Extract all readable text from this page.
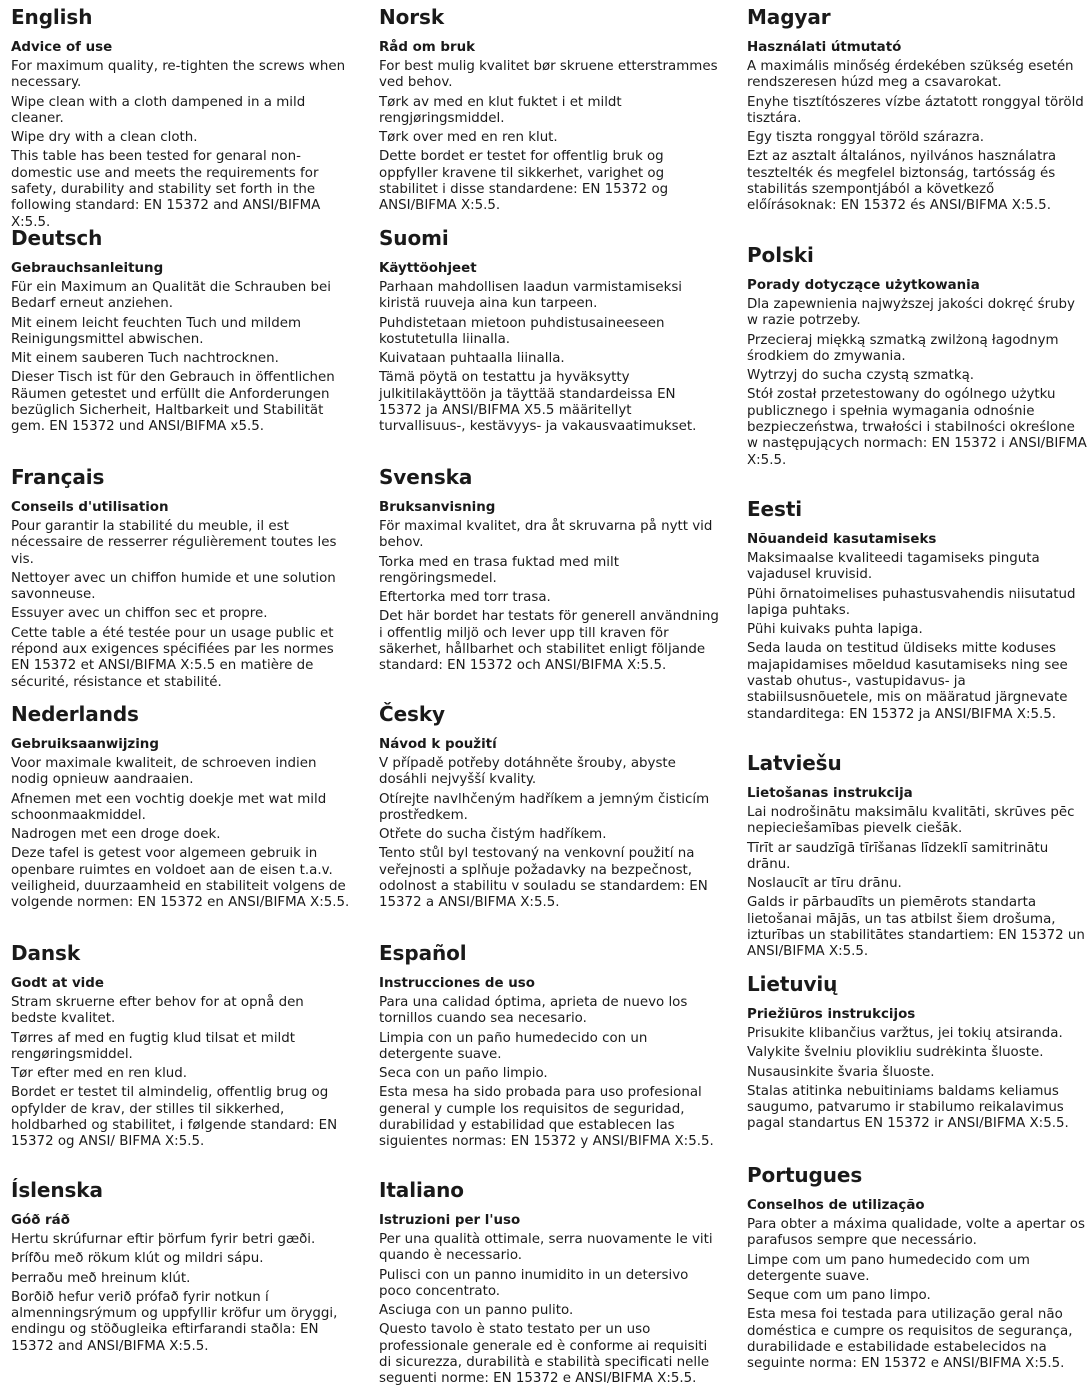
English
Advice of use

For maximum quality, re-tighten the screws when necessary.

Wipe clean with a cloth dampened in a mild cleaner.

Wipe dry with a clean cloth.

This table has been tested for genaral non-domestic use and meets the requirements for safety, durability and stability set forth in the following standard: EN 15372 and ANSI/BIFMA X:5.5.

Deutsch
Gebrauchsanleitung

Für ein Maximum an Qualität die Schrauben bei Bedarf erneut anziehen.

Mit einem leicht feuchten Tuch und mildem Reinigungsmittel abwischen.

Mit einem sauberen Tuch nachtrocknen.

Dieser Tisch ist für den Gebrauch in öffentlichen Räumen getestet und erfüllt die Anforderungen bezüglich Sicherheit, Haltbarkeit und Stabilität gem. EN 15372 und ANSI/BIFMA x5.5.

Français
Conseils d'utilisation

Pour garantir la stabilité du meuble, il est nécessaire de resserrer régulièrement toutes les vis.

Nettoyer avec un chiffon humide et une solution savonneuse.

Essuyer avec un chiffon sec et propre.

Cette table a été testée pour un usage public et répond aux exigences spécifiées par les normes EN 15372 et ANSI/BIFMA X:5.5 en matière de sécurité, résistance et stabilité.

Nederlands
Gebruiksaanwijzing

Voor maximale kwaliteit, de schroeven indien nodig opnieuw aandraaien.

Afnemen met een vochtig doekje met wat mild schoonmaakmiddel.

Nadrogen met een droge doek.

Deze tafel is getest voor algemeen gebruik in openbare ruimtes en voldoet aan de eisen t.a.v. veiligheid, duurzaamheid en stabiliteit volgens de volgende normen: EN 15372 en ANSI/BIFMA X:5.5.

Dansk
Godt at vide

Stram skruerne efter behov for at opnå den bedste kvalitet.

Tørres af med en fugtig klud tilsat et mildt rengøringsmiddel.

Tør efter med en ren klud.

Bordet er testet til almindelig, offentlig brug og opfylder de krav, der stilles til sikkerhed, holdbarhed og stabilitet, i følgende standard: EN 15372 og ANSI/ BIFMA X:5.5.

Íslenska
Góð ráð

Hertu skrúfurnar eftir þörfum fyrir betri gæði.

Þrífðu með rökum klút og mildri sápu.

Þerraðu með hreinum klút.

Borðið hefur verið prófað fyrir notkun í almenningsrýmum og uppfyllir kröfur um öryggi, endingu og stöðugleika eftirfarandi staðla: EN 15372 and ANSI/BIFMA X:5.5.

Norsk
Råd om bruk

For best mulig kvalitet bør skruene etterstrammes ved behov.

Tørk av med en klut fuktet i et mildt rengjøringsmiddel.

Tørk over med en ren klut.

Dette bordet er testet for offentlig bruk og oppfyller kravene til sikkerhet, varighet og stabilitet i disse standardene: EN 15372 og ANSI/BIFMA X:5.5.

Suomi
Käyttöohjeet

Parhaan mahdollisen laadun varmistamiseksi kiristä ruuveja aina kun tarpeen.

Puhdistetaan mietoon puhdistusaineeseen kostutetulla liinalla.

Kuivataan puhtaalla liinalla.

Tämä pöytä on testattu ja hyväksytty julkitilakäyttöön ja täyttää standardeissa EN 15372 ja ANSI/BIFMA X5.5 määritellyt turvallisuus-, kestävyys- ja vakausvaatimukset.

Svenska
Bruksanvisning

För maximal kvalitet, dra åt skruvarna på nytt vid behov.

Torka med en trasa fuktad med milt rengöringsmedel.

Eftertorka med torr trasa.

Det här bordet har testats för generell användning i offentlig miljö och lever upp till kraven för säkerhet, hållbarhet och stabilitet enligt följande standard: EN 15372 och ANSI/BIFMA X:5.5.

Česky
Návod k použití

V případě potřeby dotáhněte šrouby, abyste dosáhli nejvyšší kvality.

Otírejte navlhčeným hadříkem a jemným čisticím prostředkem.

Otřete do sucha čistým hadříkem.

Tento stůl byl testovaný na venkovní použití na veřejnosti a splňuje požadavky na bezpečnost, odolnost a stabilitu v souladu se standardem: EN 15372 a ANSI/BIFMA X:5.5.

Español
Instrucciones de uso

Para una calidad óptima, aprieta de nuevo los tornillos cuando sea necesario.

Limpia con un paño humedecido con un detergente suave.

Seca con un paño limpio.

Esta mesa ha sido probada para uso profesional general y cumple los requisitos de seguridad, durabilidad y estabilidad que establecen las siguientes normas: EN 15372 y ANSI/BIFMA X:5.5.

Italiano
Istruzioni per l'uso

Per una qualità ottimale, serra nuovamente le viti quando è necessario.

Pulisci con un panno inumidito in un detersivo poco concentrato.

Asciuga con un panno pulito.

Questo tavolo è stato testato per un uso professionale generale ed è conforme ai requisiti di sicurezza, durabilità e stabilità specificati nelle seguenti norme: EN 15372 e ANSI/BIFMA X:5.5.

Magyar
Használati útmutató

A maximális minőség érdekében szükség esetén rendszeresen húzd meg a csavarokat.

Enyhe tisztítószeres vízbe áztatott ronggyal töröld tisztára.

Egy tiszta ronggyal töröld szárazra.

Ezt az asztalt általános, nyilvános használatra tesztelték és megfelel biztonság, tartósság és stabilitás szempontjából a következő előírásoknak: EN 15372 és ANSI/BIFMA X:5.5.

Polski
Porady dotyczące użytkowania

Dla zapewnienia najwyższej jakości dokręć śruby w razie potrzeby.

Przecieraj miękką szmatką zwilżoną łagodnym środkiem do zmywania.

Wytrzyj do sucha czystą szmatką.

Stół został przetestowany do ogólnego użytku publicznego i spełnia wymagania odnośnie bezpieczeństwa, trwałości i stabilności określone w następujących normach: EN 15372 i ANSI/BIFMA X:5.5.

Eesti
Nõuandeid kasutamiseks

Maksimaalse kvaliteedi tagamiseks pinguta vajadusel kruvisid.

Pühi õrnatoimelises puhastusvahendis niisutatud lapiga puhtaks.

Pühi kuivaks puhta lapiga.

Seda lauda on testitud üldiseks mitte koduses majapidamises mõeldud kasutamiseks ning see vastab ohutus-, vastupidavus- ja stabiilsusnõuetele, mis on määratud järgnevate standarditega: EN 15372 ja ANSI/BIFMA X:5.5.

Latviešu
Lietošanas instrukcija

Lai nodrošinātu maksimālu kvalitāti, skrūves pēc nepieciešamības pievelk ciešāk.

Tīrīt ar saudzīgā tīrīšanas līdzeklī samitrinātu drānu.

Noslaucīt ar tīru drānu.

Galds ir pārbaudīts un piemērots standarta lietošanai mājās, un tas atbilst šiem drošuma, izturības un stabilitātes standartiem: EN 15372 un ANSI/BIFMA X:5.5.

Lietuvių
Priežiūros instrukcijos

Prisukite klibančius varžtus, jei tokių atsiranda.

Valykite švelniu plovikliu sudrėkinta šluoste.

Nusausinkite švaria šluoste.

Stalas atitinka nebuitiniams baldams keliamus saugumo, patvarumo ir stabilumo reikalavimus pagal standartus EN 15372 ir ANSI/BIFMA X:5.5.

Portugues
Conselhos de utilização

Para obter a máxima qualidade, volte a apertar os parafusos sempre que necessário.

Limpe com um pano humedecido com um detergente suave.

Seque com um pano limpo.

Esta mesa foi testada para utilização geral não doméstica e cumpre os requisitos de segurança, durabilidade e estabilidade estabelecidos na seguinte norma: EN 15372 e ANSI/BIFMA X:5.5.
